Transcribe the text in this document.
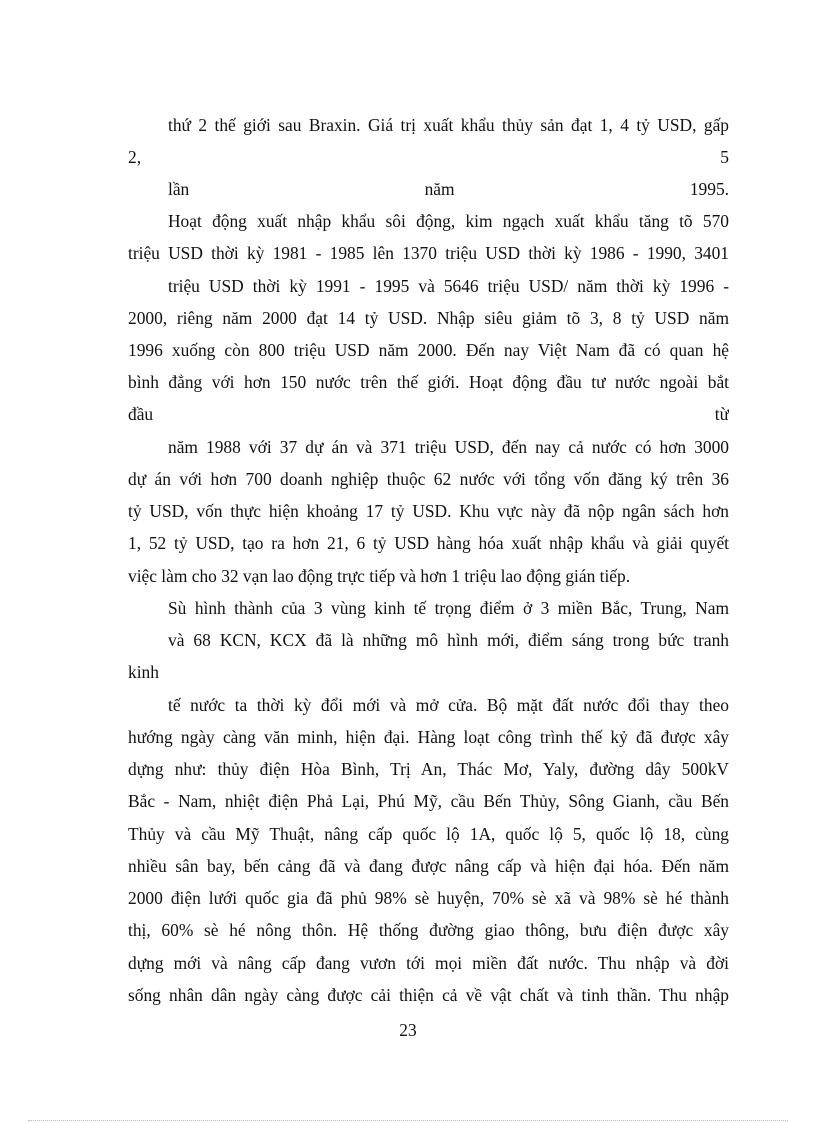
thứ 2 thế giới sau Braxin. Giá trị xuất khẩu thủy sản đạt 1, 4 tỷ USD, gấp
2,	5
lần	năm	1995.
Hoạt động xuất nhập khẩu sôi động, kim ngạch xuất khẩu tăng tõ 570
triệu USD thời kỳ 1981 - 1985 lên 1370 triệu USD thời kỳ 1986 - 1990, 3401
triệu USD thời kỳ 1991 - 1995 và 5646 triệu USD/ năm thời kỳ 1996 -
2000, riêng năm 2000 đạt 14 tỷ USD. Nhập siêu giảm tõ 3, 8 tỷ USD năm
1996 xuống còn 800 triệu USD năm 2000. Đến nay Việt Nam đã có quan hệ
bình đẳng với hơn 150 nước trên thế giới. Hoạt động đầu tư nước ngoài bắt
đầu	từ
năm 1988 với 37 dự án và 371 triệu USD, đến nay cả nước có hơn 3000
dự án với hơn 700 doanh nghiệp thuộc 62 nước với tổng vốn đăng ký trên 36
tỷ USD, vốn thực hiện khoảng 17 tỷ USD. Khu vực này đã nộp ngân sách hơn
1, 52 tỷ USD, tạo ra hơn 21, 6 tỷ USD hàng hóa xuất nhập khẩu và giải quyết
việc làm cho 32 vạn lao động trực tiếp và hơn 1 triệu lao động gián tiếp.
Sù hình thành của 3 vùng kinh tế trọng điểm ở 3 miền Bắc, Trung, Nam
và 68 KCN, KCX đã là những mô hình mới, điểm sáng trong bức tranh
kinh
tế nước ta thời kỳ đổi mới và mở cửa. Bộ mặt đất nước đổi thay theo
hướng ngày càng văn minh, hiện đại. Hàng loạt công trình thế kỷ đã được xây
dựng như: thủy điện Hòa Bình, Trị An, Thác Mơ, Yaly, đường dây 500kV
Bắc - Nam, nhiệt điện Phả Lại, Phú Mỹ, cầu Bến Thủy, Sông Gianh, cầu Bến
Thủy và cầu Mỹ Thuật, nâng cấp quốc lộ 1A, quốc lộ 5, quốc lộ 18, cùng
nhiều sân bay, bến cảng đã và đang được nâng cấp và hiện đại hóa. Đến năm
2000 điện lưới quốc gia đã phủ 98% sè huyện, 70% sè xã và 98% sè hé thành
thị, 60% sè hé nông thôn. Hệ thống đường giao thông, bưu điện được xây
dựng mới và nâng cấp đang vươn tới mọi miền đất nước. Thu nhập và đời
sống nhân dân ngày càng được cải thiện cả về vật chất và tinh thần. Thu nhập
23
